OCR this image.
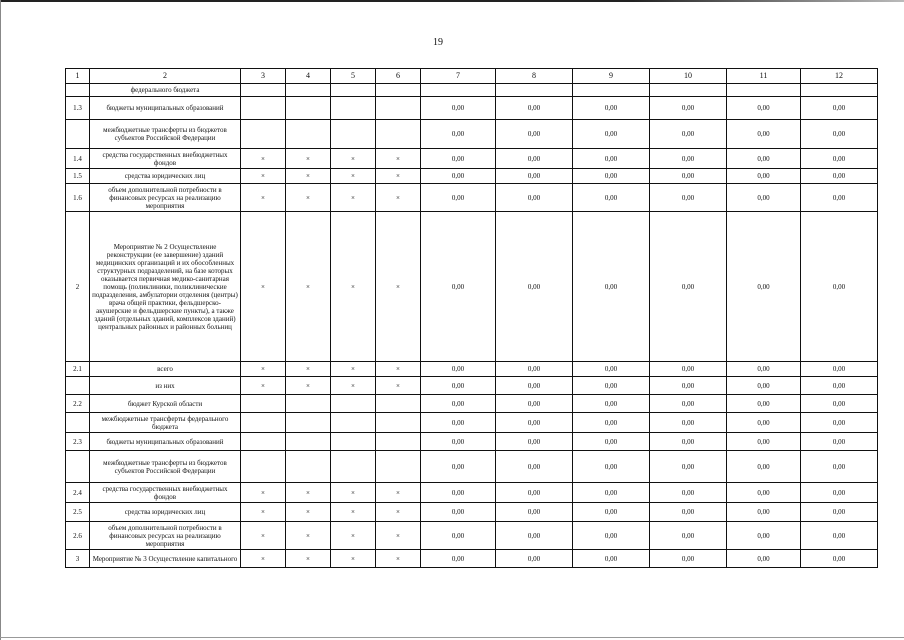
19
1	2	3	4	5	6	7	8	9	10	11	12
	федерального бюджета										
1.3	бюджеты муниципальных образований					0,00	0,00	0,00	0,00	0,00	0,00
	межбюджетные трансферты из бюджетов субъектов Российской Федерации					0,00	0,00	0,00	0,00	0,00	0,00
1.4	средства государственных внебюджетных фондов	×	×	×	×	0,00	0,00	0,00	0,00	0,00	0,00
1.5	средства юридических лиц	×	×	×	×	0,00	0,00	0,00	0,00	0,00	0,00
1.6	объем дополнительной потребности в финансовых ресурсах на реализацию мероприятия	×	×	×	×	0,00	0,00	0,00	0,00	0,00	0,00
2	Мероприятие № 2 Осуществление реконструкции (ее завершение) зданий медицинских организаций и их обособленных структурных подразделений, на базе которых оказывается первичная медико-санитарная помощь (поликлиники, поликлинические подразделения, амбулатории отделения (центры) врача общей практики, фельдшерско- акушерские и фельдшерские пункты), а также зданий (отдельных зданий, комплексов зданий) центральных районных и районных больниц	×	×	×	×	0,00	0,00	0,00	0,00	0,00	0,00
2.1	всего	×	×	×	×	0,00	0,00	0,00	0,00	0,00	0,00
	из них	×	×	×	×	0,00	0,00	0,00	0,00	0,00	0,00
2.2	бюджет Курской области					0,00	0,00	0,00	0,00	0,00	0,00
	межбюджетные трансферты федерального бюджета					0,00	0,00	0,00	0,00	0,00	0,00
2.3	бюджеты муниципальных образований					0,00	0,00	0,00	0,00	0,00	0,00
	межбюджетные трансферты из бюджетов субъектов Российской Федерации					0,00	0,00	0,00	0,00	0,00	0,00
2.4	средства государственных внебюджетных фондов	×	×	×	×	0,00	0,00	0,00	0,00	0,00	0,00
2.5	средства юридических лиц	×	×	×	×	0,00	0,00	0,00	0,00	0,00	0,00
2.6	объем дополнительной потребности в финансовых ресурсах на реализацию мероприятия	×	×	×	×	0,00	0,00	0,00	0,00	0,00	0,00
3	Мероприятие № 3 Осуществление капитального	×	×	×	×	0,00	0,00	0,00	0,00	0,00	0,00
